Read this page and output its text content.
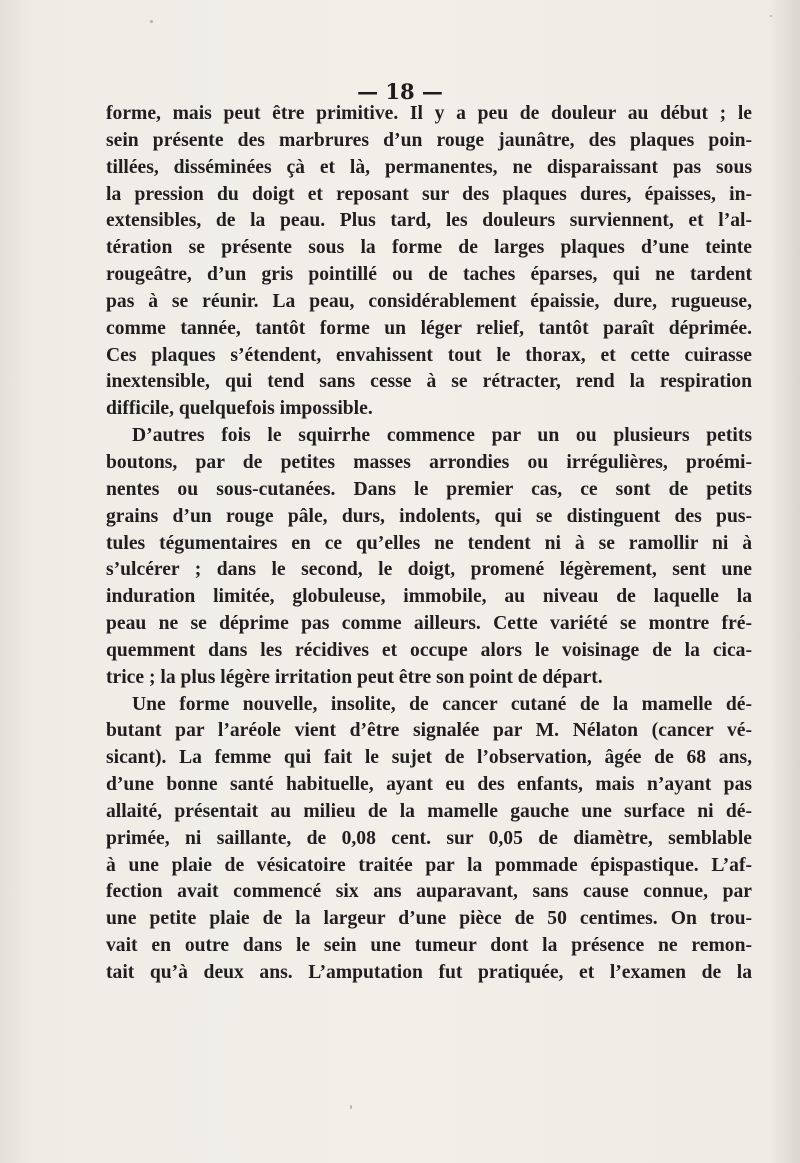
— 18 —
forme, mais peut être primitive. Il y a peu de douleur au début ; le
sein présente des marbrures d’un rouge jaunâtre, des plaques poin-
tillées, disséminées çà et là, permanentes, ne disparaissant pas sous
la pression du doigt et reposant sur des plaques dures, épaisses, in-
extensibles, de la peau. Plus tard, les douleurs surviennent, et l’al-
tération se présente sous la forme de larges plaques d’une teinte
rougeâtre, d’un gris pointillé ou de taches éparses, qui ne tardent
pas à se réunir. La peau, considérablement épaissie, dure, rugueuse,
comme tannée, tantôt forme un léger relief, tantôt paraît déprimée.
Ces plaques s’étendent, envahissent tout le thorax, et cette cuirasse
inextensible, qui tend sans cesse à se rétracter, rend la respiration
difficile, quelquefois impossible.
D’autres fois le squirrhe commence par un ou plusieurs petits
boutons, par de petites masses arrondies ou irrégulières, proémi-
nentes ou sous-cutanées. Dans le premier cas, ce sont de petits
grains d’un rouge pâle, durs, indolents, qui se distinguent des pus-
tules tégumentaires en ce qu’elles ne tendent ni à se ramollir ni à
s’ulcérer ; dans le second, le doigt, promené légèrement, sent une
induration limitée, globuleuse, immobile, au niveau de laquelle la
peau ne se déprime pas comme ailleurs. Cette variété se montre fré-
quemment dans les récidives et occupe alors le voisinage de la cica-
trice ; la plus légère irritation peut être son point de départ.
Une forme nouvelle, insolite, de cancer cutané de la mamelle dé-
butant par l’aréole vient d’être signalée par M. Nélaton (cancer vé-
sicant). La femme qui fait le sujet de l’observation, âgée de 68 ans,
d’une bonne santé habituelle, ayant eu des enfants, mais n’ayant pas
allaité, présentait au milieu de la mamelle gauche une surface ni dé-
primée, ni saillante, de 0,08 cent. sur 0,05 de diamètre, semblable
à une plaie de vésicatoire traitée par la pommade épispastique. L’af-
fection avait commencé six ans auparavant, sans cause connue, par
une petite plaie de la largeur d’une pièce de 50 centimes. On trou-
vait en outre dans le sein une tumeur dont la présence ne remon-
tait qu’à deux ans. L’amputation fut pratiquée, et l’examen de la
